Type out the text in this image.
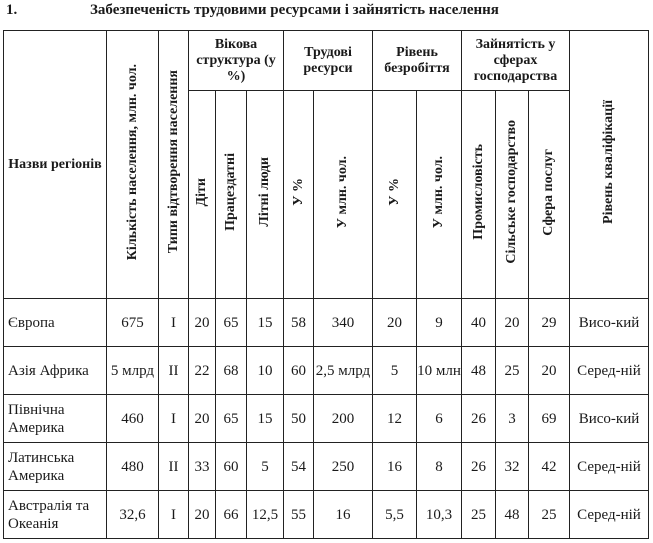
1.	Забезпеченість трудовими ресурсами і зайнятість населення
Назви регіонів	Кількість населення, млн. чол.	Типи відтворення населення	Вікова структура (у %)			Трудові ресурси		Рівень безробіття		Зайнятість у сферах господарства			Рівень кваліфікації
			Діти	Працездатні	Літні люди	У %	У млн. чол.	У %	У млн. чол.	Промисловість	Сільське господарство	Сфера послуг	
Європа	675	I	20	65	15	58	340	20	9	40	20	29	Висо-кий
Азія Африка	5 млрд	II	22	68	10	60	2,5 млрд	5	10 млн	48	25	20	Серед-ній
Північна Америка	460	I	20	65	15	50	200	12	6	26	3	69	Висо-кий
Латинська Америка	480	II	33	60	5	54	250	16	8	26	32	42	Серед-ній
Австралія та Океанія	32,6	I	20	66	12,5	55	16	5,5	10,3	25	48	25	Серед-ній
